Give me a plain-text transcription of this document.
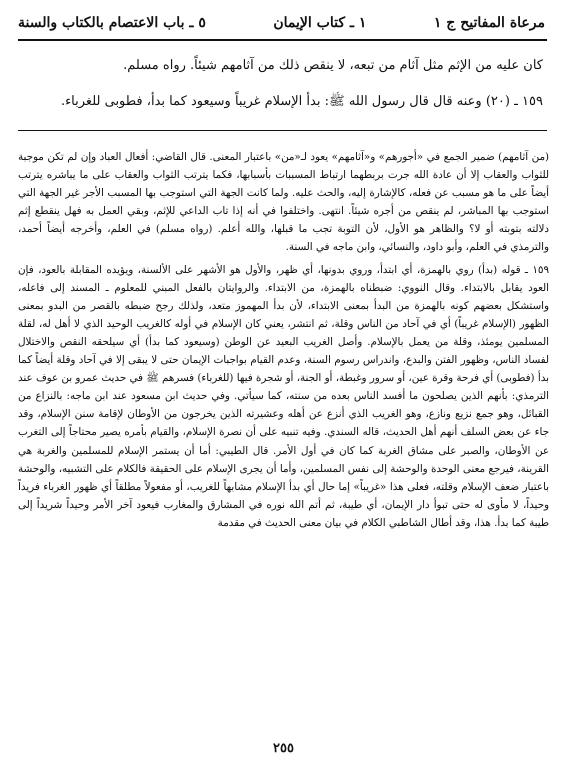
مرعاة المفاتيح ج ١
١ ـ كتاب الإيمان
٥ ـ باب الاعتصام بالكتاب والسنة

كان عليه من الإثم مثل آثام من تبعه، لا ينقص ذلك من آثامهم شيئاً. رواه مسلم.

١٥٩ ـ (٢٠) وعنه قال قال رسول الله ﷺ: بدأ الإسلام غريباً وسيعود كما بدأ، فطوبى للغرباء.

(من آثامهم) ضمير الجمع في «أجورهم» و«آثامهم» يعود لـ«من» باعتبار المعنى. قال القاضي: أفعال العباد وإن لم تكن موجبة للثواب والعقاب إلا أن عادة الله جرت بربطهما ارتباط المسببات بأسبابها، فكما يترتب الثواب والعقاب على ما يباشره يترتب أيضاً على ما هو مسبب عن فعله، كالإشارة إليه، والحث عليه. ولما كانت الجهة التي استوجب بها المسبب الأجر غير الجهة التي استوجب بها المباشر، لم ينقص من أجره شيئاً. انتهى. واختلفوا في أنه إذا تاب الداعي للإثم، وبقي العمل به فهل ينقطع إثم دلالته بتوبته أو لا؟ والظاهر هو الأول، لأن التوبة تجب ما قبلها، والله أعلم. (رواه مسلم) في العلم، وأخرجه أيضاً أحمد، والترمذي في العلم، وأبو داود، والنسائي، وابن ماجه في السنة.

١٥٩ ـ قوله (بدأ) روي بالهمزة، أي ابتدأ، وروي بدونها، أي ظهر، والأول هو الأشهر على الألسنة، ويؤيده المقابلة بالعود، فإن العود يقابل بالابتداء. وقال النووي: ضبطناه بالهمزة، من الابتداء. والروايتان بالفعل المبني للمعلوم ـ المسند إلى فاعله، واستشكل بعضهم كونه بالهمزة من البدأ بمعنى الابتداء، لأن بدأ المهموز متعد، ولذلك رجح ضبطه بالقصر من البدو بمعنى الظهور (الإسلام غريباً) أي في آحاد من الناس وقلة، ثم انتشر، يعني كان الإسلام في أوله كالغريب الوحيد الذي لا أهل له، لقلة المسلمين يومئذ، وقلة من يعمل بالإسلام. وأصل الغريب البعيد عن الوطن (وسيعود كما بدأ) أي سيلحقه النقص والاختلال لفساد الناس، وظهور الفتن والبدع، واندراس رسوم السنة، وعدم القيام بواجبات الإيمان حتى لا يبقى إلا في آحاد وقلة أيضاً كما بدأ (فطوبى) أي فرحة وقرة عين، أو سرور وغبطة، أو الجنة، أو شجرة فيها (للغرباء) فسرهم ﷺ في حديث عمرو بن عوف عند الترمذي: بأنهم الذين يصلحون ما أفسد الناس بعده من سنته، كما سيأتي. وفي حديث ابن مسعود عند ابن ماجه: بالنزاع من القبائل، وهو جمع نزيع ونازع، وهو الغريب الذي أنزع عن أهله وعشيرته الذين يخرجون من الأوطان لإقامة سنن الإسلام، وقد جاء عن بعض السلف أنهم أهل الحديث، قاله السندي. وفيه تنبيه على أن نصرة الإسلام، والقيام بأمره يصير محتاجاً إلى التغرب عن الأوطان، والصبر على مشاق الغربة كما كان في أول الأمر. قال الطيبي: أما أن يستمر الإسلام للمسلمين والغربة هي القرينة، فيرجع معنى الوحدة والوحشة إلى نفس المسلمين، وأما أن يجرى الإسلام على الحقيقة فالكلام على التشبيه، والوحشة باعتبار ضعف الإسلام وقلته، فعلى هذا «غريباً» إما حال أي بدأ الإسلام مشابهاً للغريب، أو مفعولاً مطلقاً أي ظهور الغرباء فريداً وحيداً، لا مأوى له حتى تبوأ دار الإيمان، أي طيبة، ثم أتم الله نوره في المشارق والمغارب فيعود آخر الأمر وحيداً شريداً إلى طيبة كما بدأ. هذا، وقد أطال الشاطبي الكلام في بيان معنى الحديث في مقدمة

٢٥٥
